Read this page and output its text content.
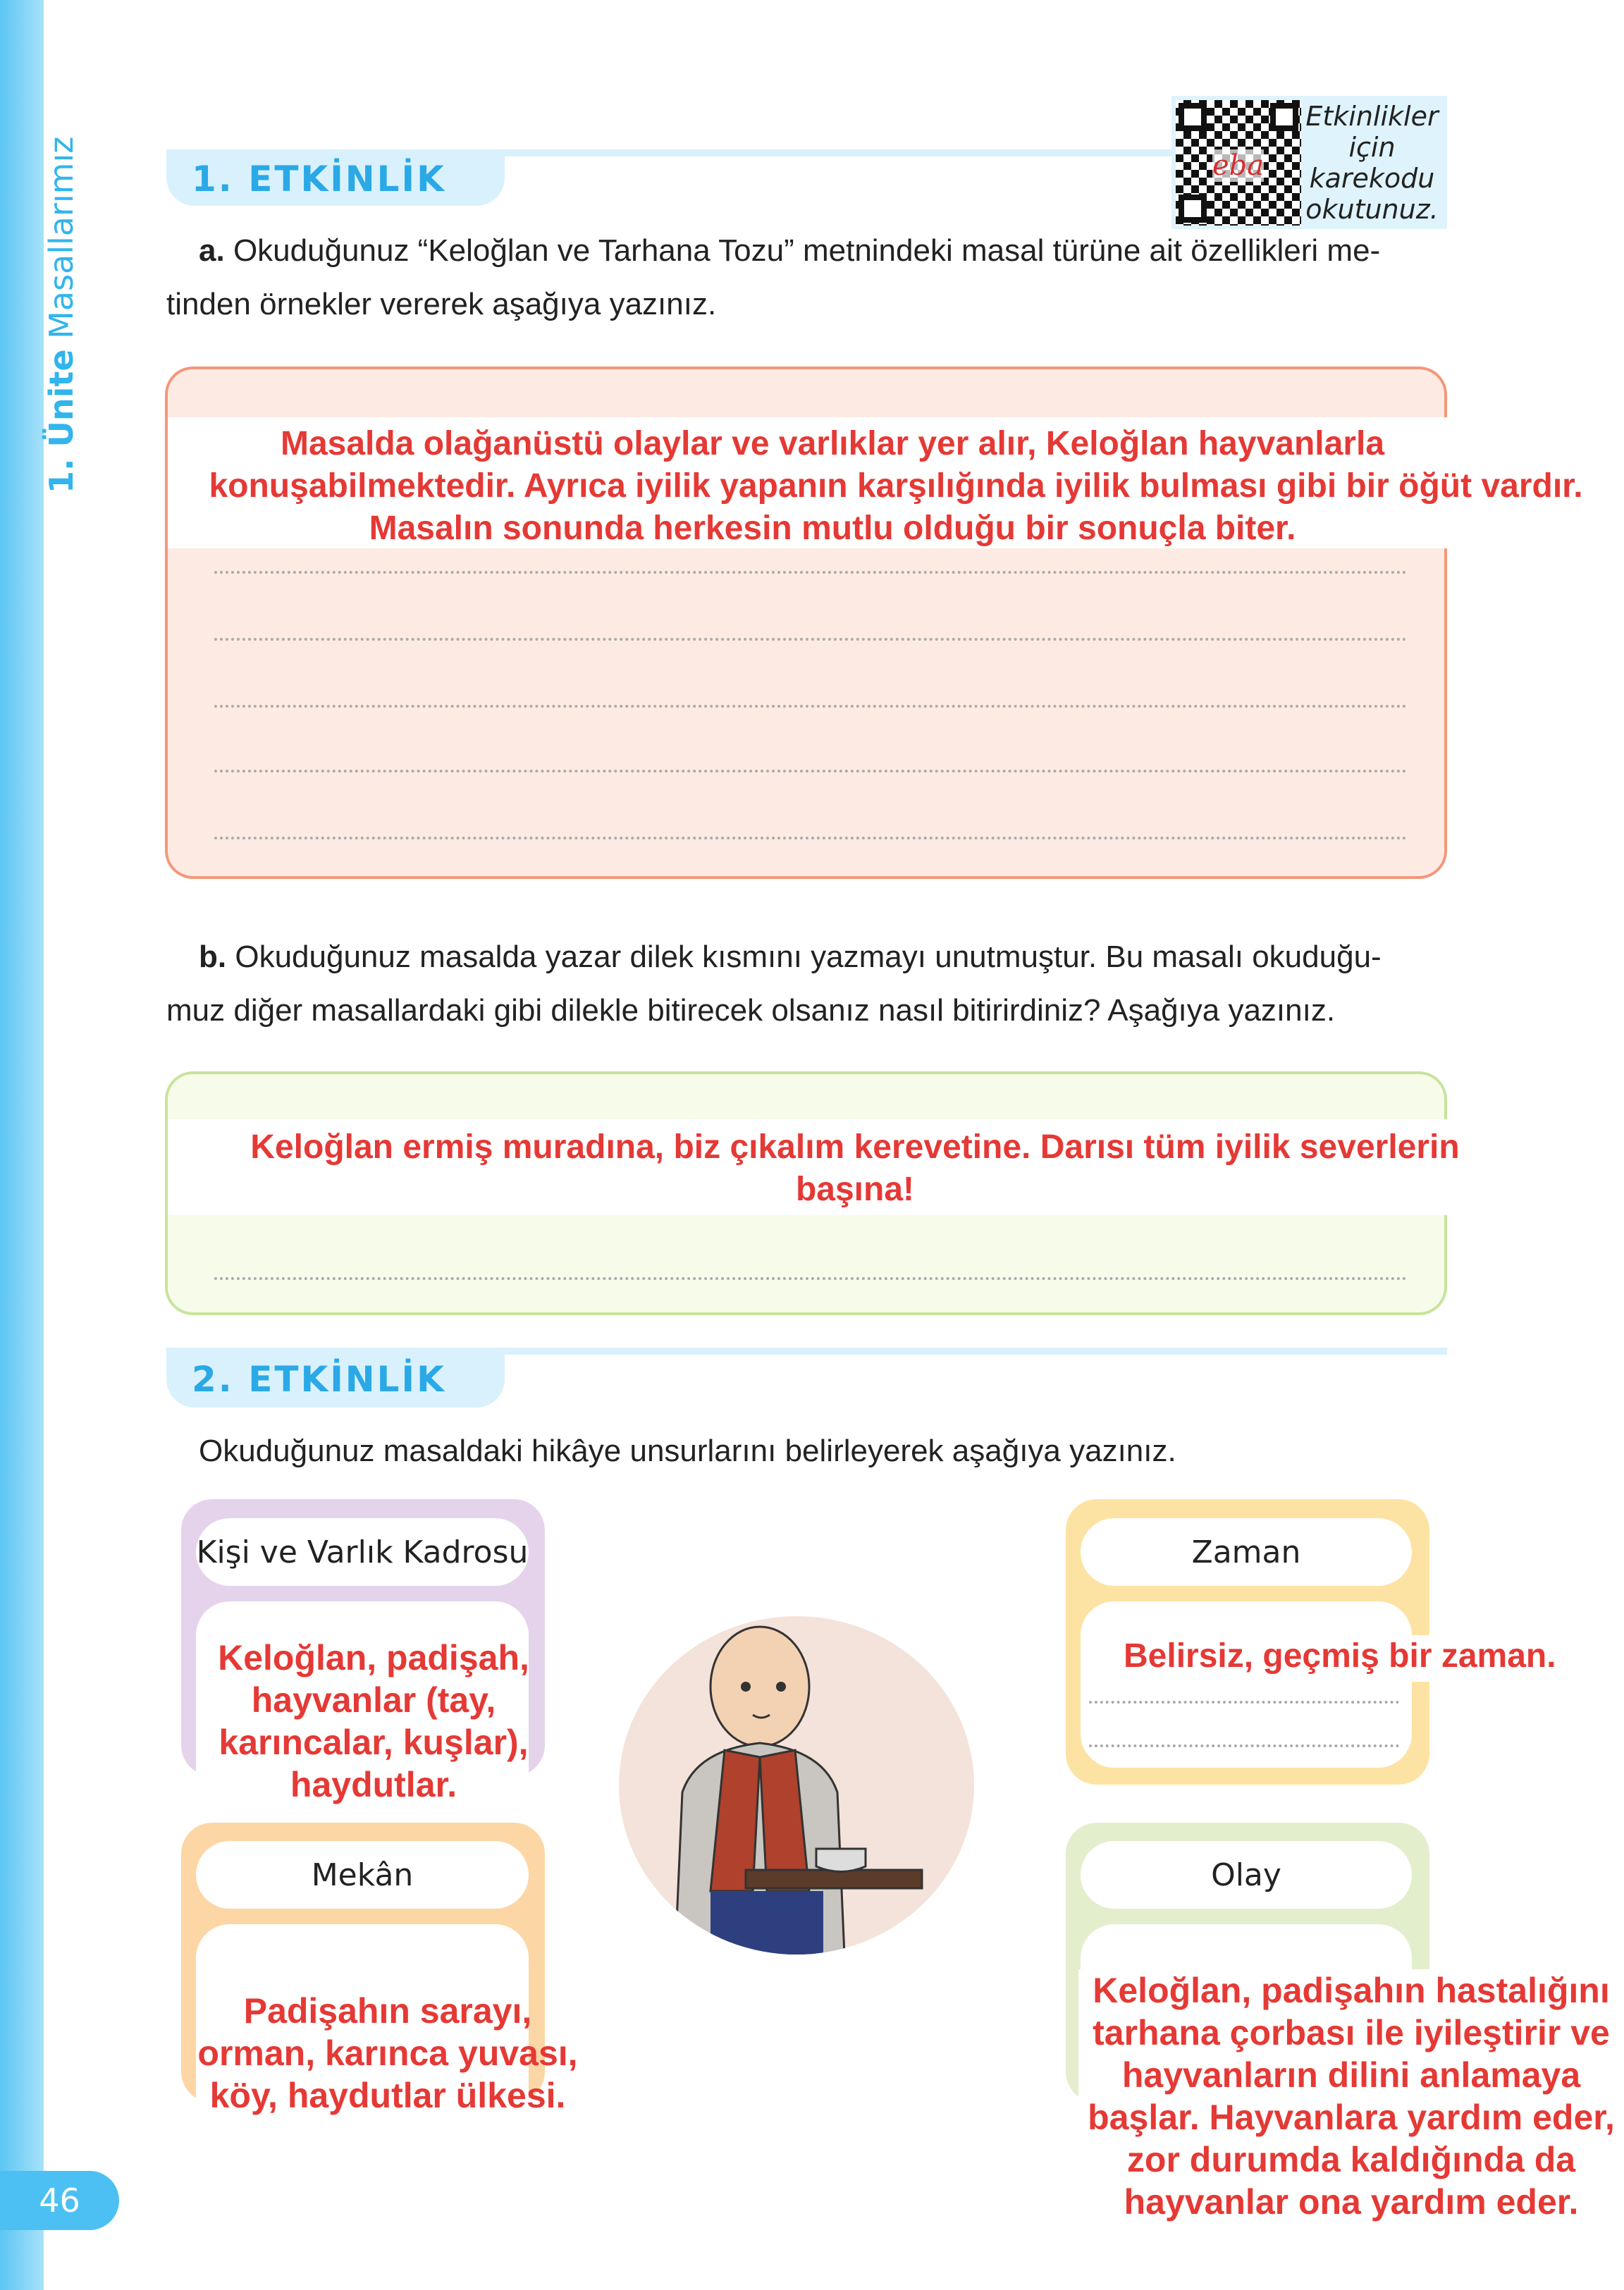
1. Ünite Masallarımız	1. ETKİNLİK	eba
Etkinlikler
için
karekodu
okutunuz.
a. Okuduğunuz “Keloğlan ve Tarhana Tozu” metnindeki masal türüne ait özellikleri me-
tinden örnekler vererek aşağıya yazınız.
Masalda olağanüstü olaylar ve varlıklar yer alır, Keloğlan hayvanlarla
konuşabilmektedir. Ayrıca iyilik yapanın karşılığında iyilik bulması gibi bir öğüt vardır.
Masalın sonunda herkesin mutlu olduğu bir sonuçla biter.
b. Okuduğunuz masalda yazar dilek kısmını yazmayı unutmuştur. Bu masalı okuduğu-
muz diğer masallardaki gibi dilekle bitirecek olsanız nasıl bitirirdiniz? Aşağıya yazınız.
Keloğlan ermiş muradına, biz çıkalım kerevetine. Darısı tüm iyilik severlerin
başına!
2. ETKİNLİK
Okuduğunuz masaldaki hikâye unsurlarını belirleyerek aşağıya yazınız.
Kişi ve Varlık Kadrosu
Keloğlan, padişah,
hayvanlar (tay,
karıncalar, kuşlar),
haydutlar.
Mekân
Padişahın sarayı,
orman, karınca yuvası,
köy, haydutlar ülkesi.
Zaman
Belirsiz, geçmiş bir zaman.
Olay
Keloğlan, padişahın hastalığını
tarhana çorbası ile iyileştirir ve
hayvanların dilini anlamaya
başlar. Hayvanlara yardım eder,
zor durumda kaldığında da
hayvanlar ona yardım eder.
46
